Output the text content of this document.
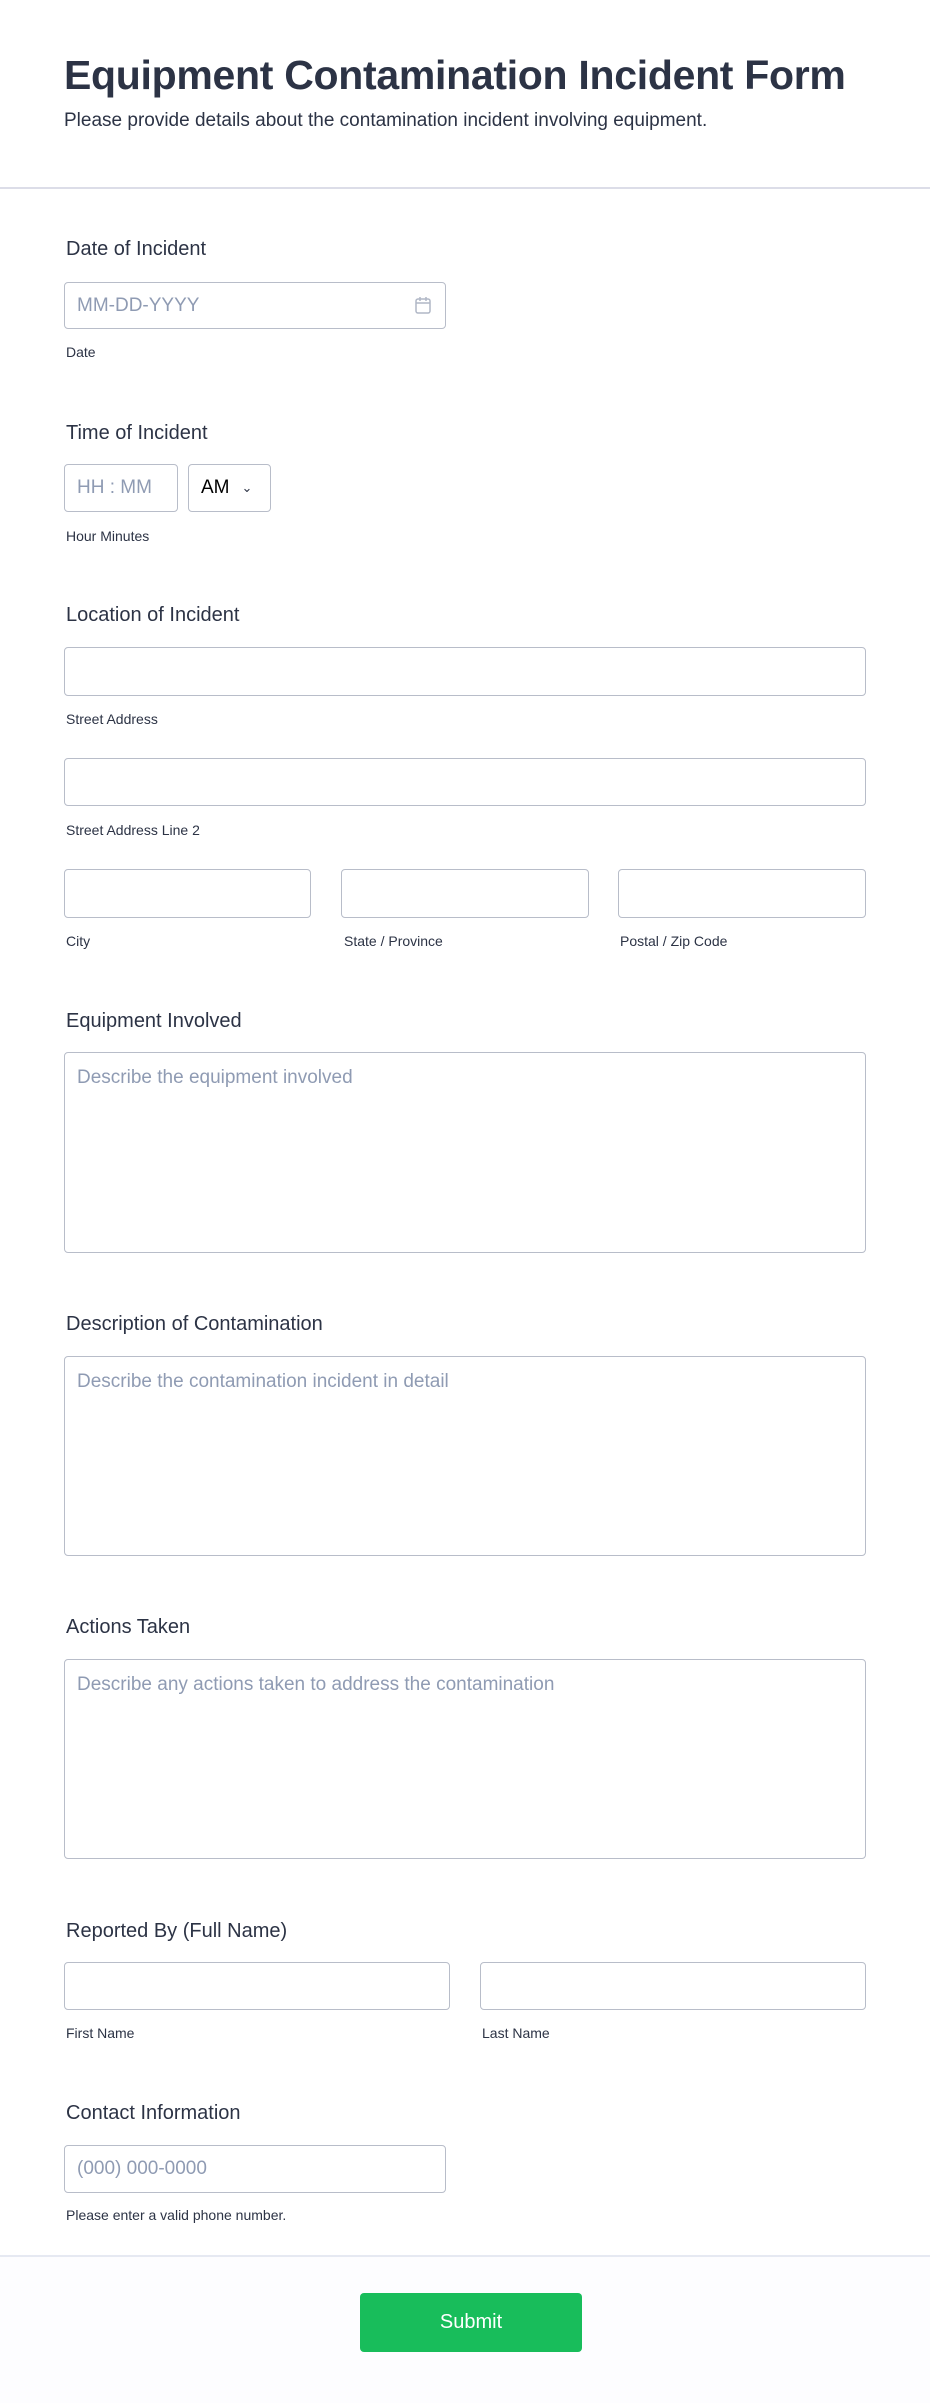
Equipment Contamination Incident Form
Please provide details about the contamination incident involving equipment.
Date of Incident
MM-DD-YYYY
Date
Time of Incident
HH : MM
AM ⌄
Hour Minutes
Location of Incident
Street Address
Street Address Line 2
City	State / Province	Postal / Zip Code
Equipment Involved
Describe the equipment involved
Description of Contamination
Describe the contamination incident in detail
Actions Taken
Describe any actions taken to address the contamination
Reported By (Full Name)
First Name	Last Name
Contact Information
(000) 000-0000
Please enter a valid phone number.
Submit
